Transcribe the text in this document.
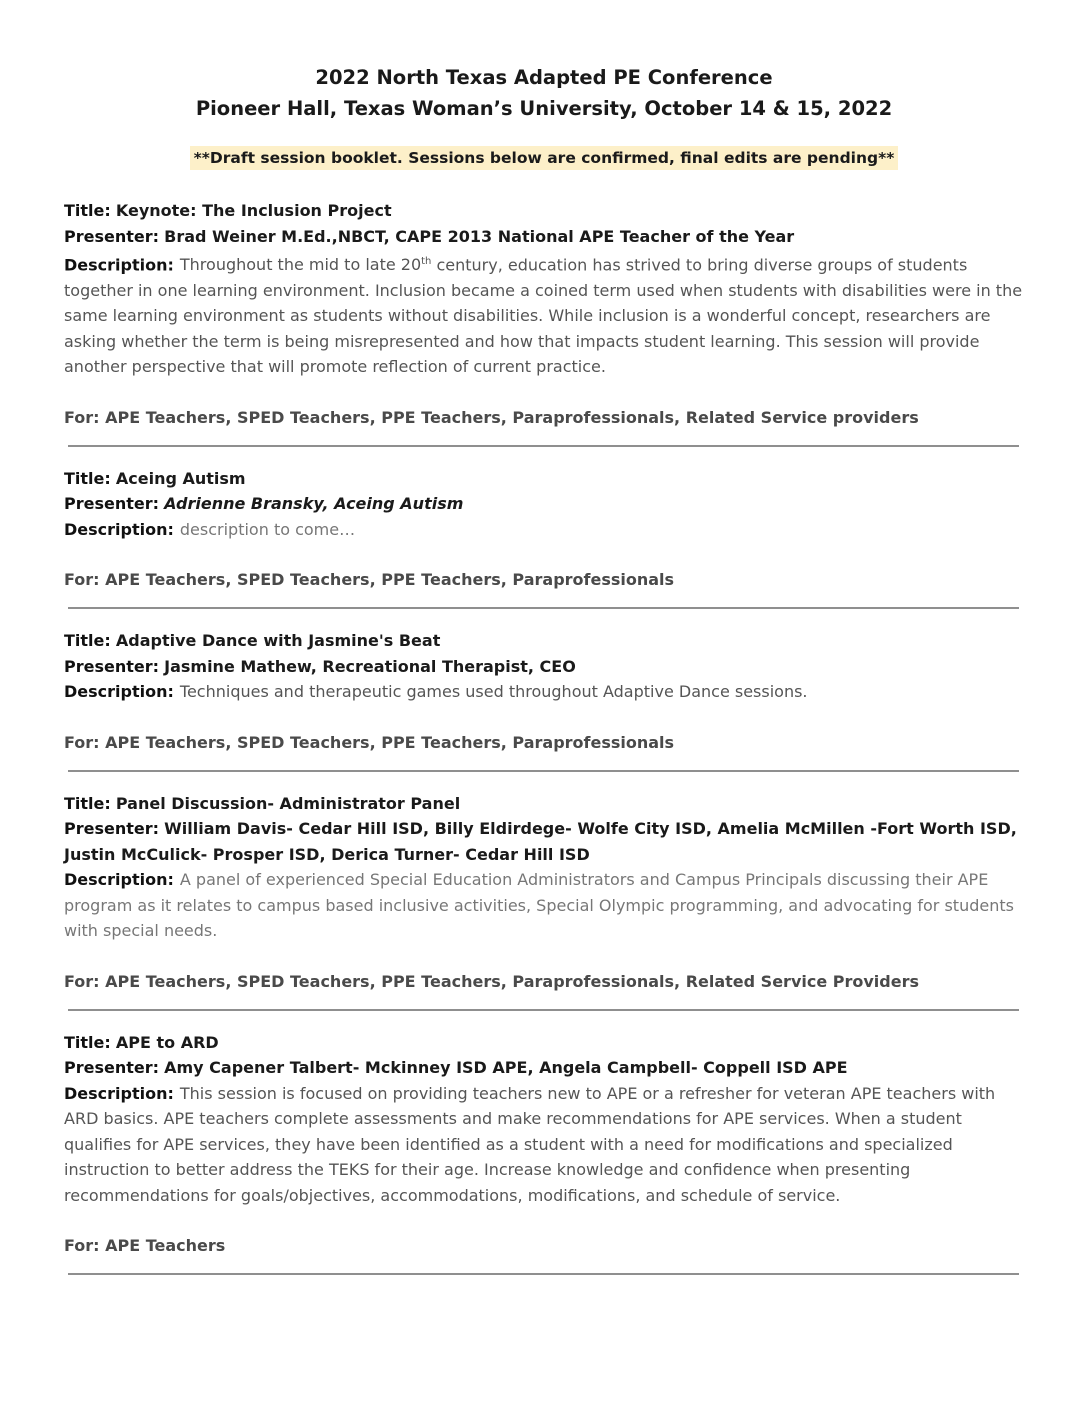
2022 North Texas Adapted PE Conference
Pioneer Hall, Texas Woman’s University, October 14 & 15, 2022
**Draft session booklet. Sessions below are confirmed, final edits are pending**
Title: Keynote: The Inclusion Project
Presenter: Brad Weiner M.Ed.,NBCT, CAPE 2013 National APE Teacher of the Year
Description: Throughout the mid to late 20th century, education has strived to bring diverse groups of students together in one learning environment. Inclusion became a coined term used when students with disabilities were in the same learning environment as students without disabilities. While inclusion is a wonderful concept, researchers are asking whether the term is being misrepresented and how that impacts student learning. This session will provide another perspective that will promote reflection of current practice.
For: APE Teachers, SPED Teachers, PPE Teachers, Paraprofessionals, Related Service providers
Title: Aceing Autism
Presenter: Adrienne Bransky, Aceing Autism
Description: description to come…
For: APE Teachers, SPED Teachers, PPE Teachers, Paraprofessionals
Title: Adaptive Dance with Jasmine's Beat
Presenter: Jasmine Mathew, Recreational Therapist, CEO
Description: Techniques and therapeutic games used throughout Adaptive Dance sessions.
For: APE Teachers, SPED Teachers, PPE Teachers, Paraprofessionals
Title: Panel Discussion- Administrator Panel
Presenter: William Davis- Cedar Hill ISD, Billy Eldirdege- Wolfe City ISD, Amelia McMillen -Fort Worth ISD, Justin McCulick- Prosper ISD, Derica Turner- Cedar Hill ISD
Description: A panel of experienced Special Education Administrators and Campus Principals discussing their APE program as it relates to campus based inclusive activities, Special Olympic programming, and advocating for students with special needs.
For: APE Teachers, SPED Teachers, PPE Teachers, Paraprofessionals, Related Service Providers
Title: APE to ARD
Presenter: Amy Capener Talbert- Mckinney ISD APE, Angela Campbell- Coppell ISD APE
Description: This session is focused on providing teachers new to APE or a refresher for veteran APE teachers with ARD basics. APE teachers complete assessments and make recommendations for APE services. When a student qualifies for APE services, they have been identified as a student with a need for modifications and specialized instruction to better address the TEKS for their age. Increase knowledge and confidence when presenting recommendations for goals/objectives, accommodations, modifications, and schedule of service.
For: APE Teachers
